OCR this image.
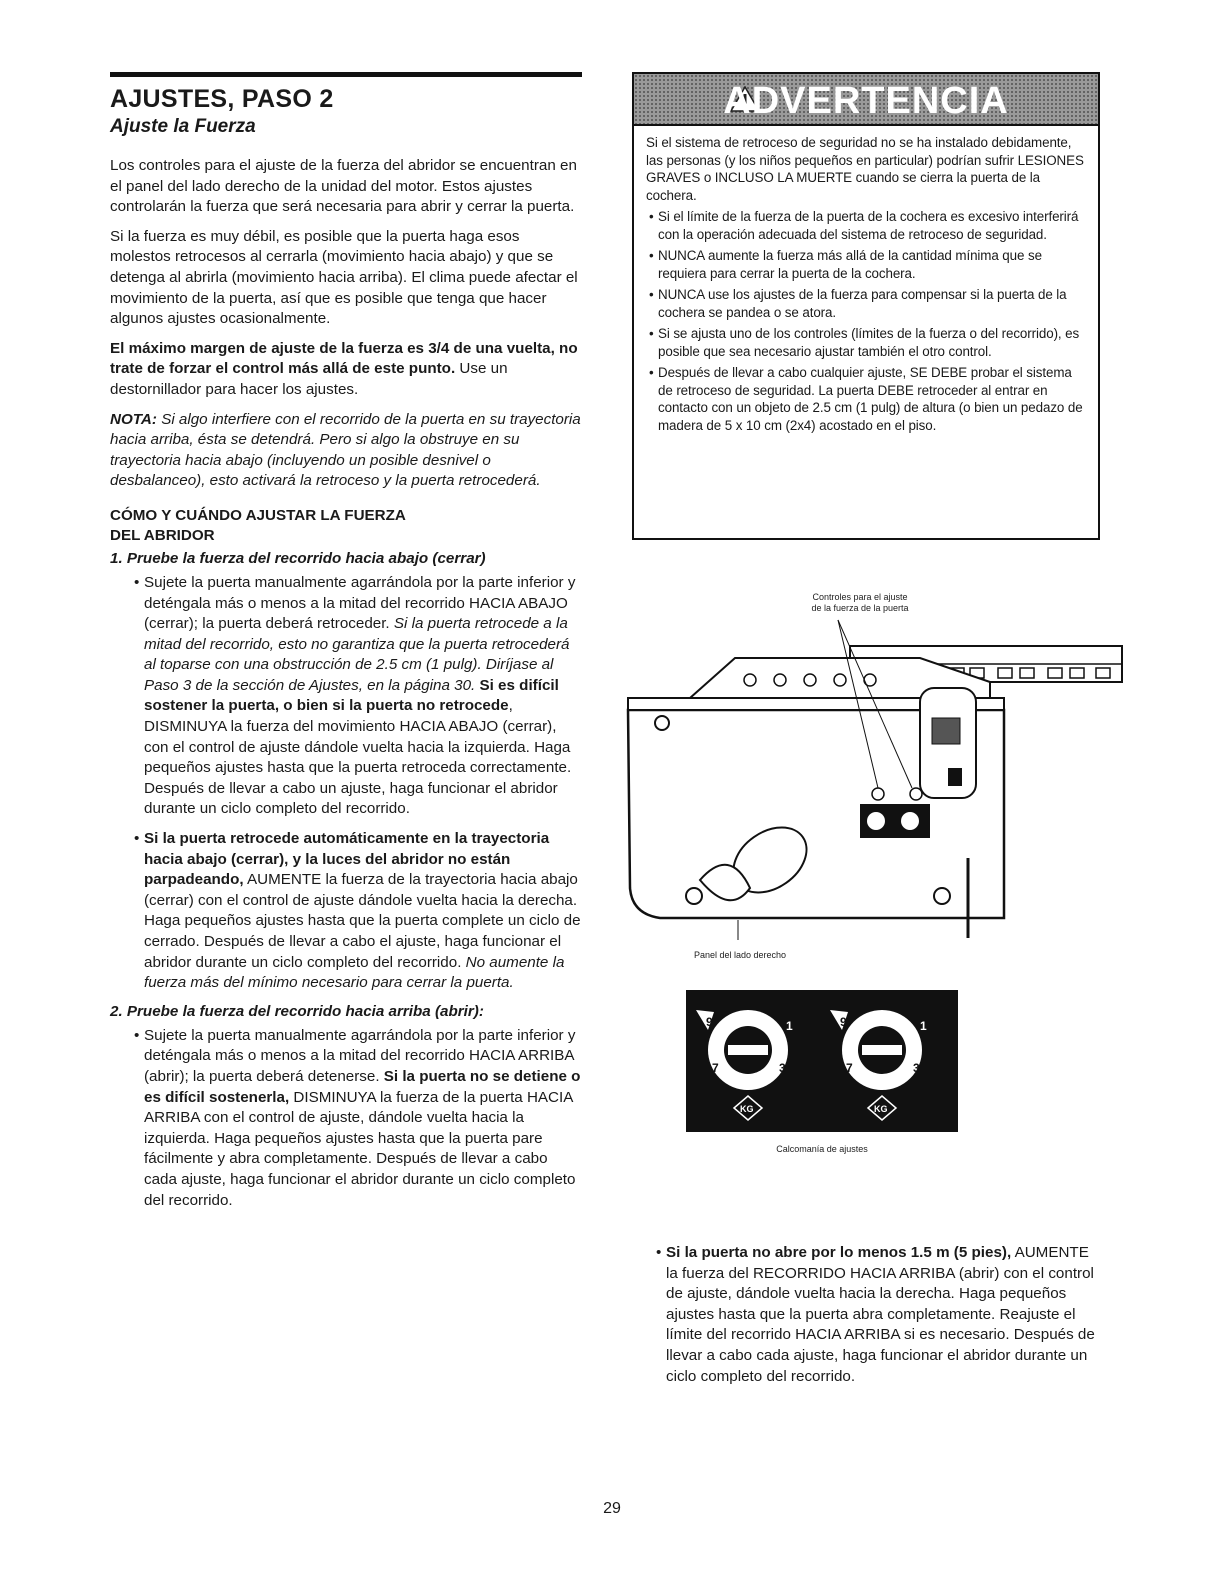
AJUSTES, PASO 2
Ajuste la Fuerza

Los controles para el ajuste de la fuerza del abridor se encuentran en el panel del lado derecho de la unidad del motor. Estos ajustes controlarán la fuerza que será necesaria para abrir y cerrar la puerta.

Si la fuerza es muy débil, es posible que la puerta haga esos molestos retrocesos al cerrarla (movimiento hacia abajo) y que se detenga al abrirla (movimiento hacia arriba). El clima puede afectar el movimiento de la puerta, así que es posible que tenga que hacer algunos ajustes ocasionalmente.

El máximo margen de ajuste de la fuerza es 3/4 de una vuelta, no trate de forzar el control más allá de este punto. Use un destornillador para hacer los ajustes.

NOTA: Si algo interfiere con el recorrido de la puerta en su trayectoria hacia arriba, ésta se detendrá. Pero si algo la obstruye en su trayectoria hacia abajo (incluyendo un posible desnivel o desbalanceo), esto activará la retroceso y la puerta retrocederá.

CÓMO Y CUÁNDO AJUSTAR LA FUERZA
DEL ABRIDOR
1. Pruebe la fuerza del recorrido hacia abajo (cerrar)
• Sujete la puerta manualmente agarrándola por la parte inferior y deténgala más o menos a la mitad del recorrido HACIA ABAJO (cerrar); la puerta deberá retroceder. Si la puerta retrocede a la mitad del recorrido, esto no garantiza que la puerta retrocederá al toparse con una obstrucción de 2.5 cm (1 pulg). Diríjase al Paso 3 de la sección de Ajustes, en la página 30. Si es difícil sostener la puerta, o bien si la puerta no retrocede, DISMINUYA la fuerza del movimiento HACIA ABAJO (cerrar), con el control de ajuste dándole vuelta hacia la izquierda. Haga pequeños ajustes hasta que la puerta retroceda correctamente. Después de llevar a cabo un ajuste, haga funcionar el abridor durante un ciclo completo del recorrido.
• Si la puerta retrocede automáticamente en la trayectoria hacia abajo (cerrar), y la luces del abridor no están parpadeando, AUMENTE la fuerza de la trayectoria hacia abajo (cerrar) con el control de ajuste dándole vuelta hacia la derecha. Haga pequeños ajustes hasta que la puerta complete un ciclo de cerrado. Después de llevar a cabo el ajuste, haga funcionar el abridor durante un ciclo completo del recorrido. No aumente la fuerza más del mínimo necesario para cerrar la puerta.
2. Pruebe la fuerza del recorrido hacia arriba (abrir):
• Sujete la puerta manualmente agarrándola por la parte inferior y deténgala más o menos a la mitad del recorrido HACIA ARRIBA (abrir); la puerta deberá detenerse. Si la puerta no se detiene o es difícil sostenerla, DISMINUYA la fuerza de la puerta HACIA ARRIBA con el control de ajuste, dándole vuelta hacia la izquierda. Haga pequeños ajustes hasta que la puerta pare fácilmente y abra completamente. Después de llevar a cabo cada ajuste, haga funcionar el abridor durante un ciclo completo del recorrido.
ADVERTENCIA

Si el sistema de retroceso de seguridad no se ha instalado debidamente, las personas (y los niños pequeños en particular) podrían sufrir LESIONES GRAVES o INCLUSO LA MUERTE cuando se cierra la puerta de la cochera.

• Si el límite de la fuerza de la puerta de la cochera es excesivo interferirá con la operación adecuada del sistema de retroceso de seguridad.
• NUNCA aumente la fuerza más allá de la cantidad mínima que se requiera para cerrar la puerta de la cochera.
• NUNCA use los ajustes de la fuerza para compensar si la puerta de la cochera se pandea o se atora.
• Si se ajusta uno de los controles (límites de la fuerza o del recorrido), es posible que sea necesario ajustar también el otro control.
• Después de llevar a cabo cualquier ajuste, SE DEBE probar el sistema de retroceso de seguridad. La puerta DEBE retroceder al entrar en contacto con un objeto de 2.5 cm (1 pulg) de altura (o bien un pedazo de madera de 5 x 10 cm (2x4) acostado en el piso.
Controles para el ajuste
de la fuerza de la puerta
Panel del lado derecho
9	1
7	3
5
KG
9	1
7	3
5
KG
Calcomanía de ajustes
• Si la puerta no abre por lo menos 1.5 m (5 pies), AUMENTE la fuerza del RECORRIDO HACIA ARRIBA (abrir) con el control de ajuste, dándole vuelta hacia la derecha. Haga pequeños ajustes hasta que la puerta abra completamente. Reajuste el límite del recorrido HACIA ARRIBA si es necesario. Después de llevar a cabo cada ajuste, haga funcionar el abridor durante un ciclo completo del recorrido.
29
